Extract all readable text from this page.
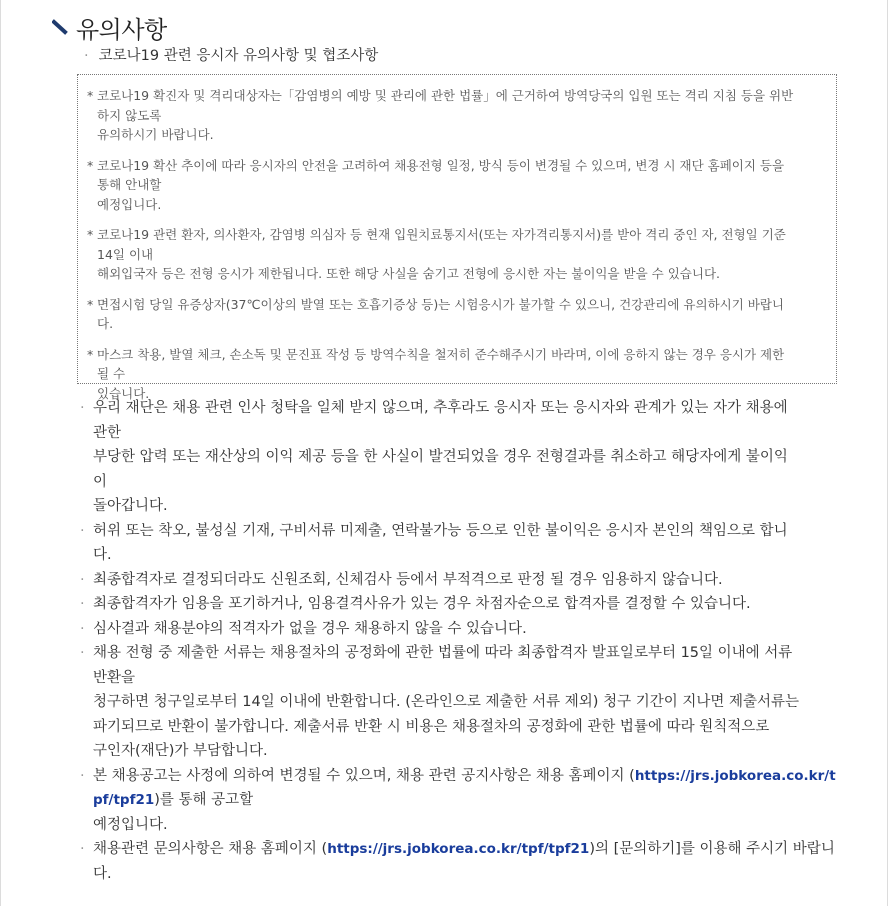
유의사항
· 코로나19 관련 응시자 유의사항 및 협조사항
* 코로나19 확진자 및 격리대상자는「감염병의 예방 및 관리에 관한 법률」에 근거하여 방역당국의 입원 또는 격리 지침 등을 위반
하지 않도록
유의하시기 바랍니다.
* 코로나19 확산 추이에 따라 응시자의 안전을 고려하여 채용전형 일정, 방식 등이 변경될 수 있으며, 변경 시 재단 홈페이지 등을
통해 안내할
예정입니다.
* 코로나19 관련 환자, 의사환자, 감염병 의심자 등 현재 입원치료통지서(또는 자가격리통지서)를 받아 격리 중인 자, 전형일 기준
14일 이내
해외입국자 등은 전형 응시가 제한됩니다. 또한 해당 사실을 숨기고 전형에 응시한 자는 불이익을 받을 수 있습니다.
* 면접시험 당일 유증상자(37℃이상의 발열 또는 호흡기증상 등)는 시험응시가 불가할 수 있으니, 건강관리에 유의하시기 바랍니
다.
* 마스크 착용, 발열 체크, 손소독 및 문진표 작성 등 방역수칙을 철저히 준수해주시기 바라며, 이에 응하지 않는 경우 응시가 제한
될 수
있습니다.
· 우리 재단은 채용 관련 인사 청탁을 일체 받지 않으며, 추후라도 응시자 또는 응시자와 관계가 있는 자가 채용에
관한
부당한 압력 또는 재산상의 이익 제공 등을 한 사실이 발견되었을 경우 전형결과를 취소하고 해당자에게 불이익
이
돌아갑니다.
· 허위 또는 착오, 불성실 기재, 구비서류 미제출, 연락불가능 등으로 인한 불이익은 응시자 본인의 책임으로 합니
다.
· 최종합격자로 결정되더라도 신원조회, 신체검사 등에서 부적격으로 판정 될 경우 임용하지 않습니다.
· 최종합격자가 임용을 포기하거나, 임용결격사유가 있는 경우 차점자순으로 합격자를 결정할 수 있습니다.
· 심사결과 채용분야의 적격자가 없을 경우 채용하지 않을 수 있습니다.
· 채용 전형 중 제출한 서류는 채용절차의 공정화에 관한 법률에 따라 최종합격자 발표일로부터 15일 이내에 서류
반환을
청구하면 청구일로부터 14일 이내에 반환합니다. (온라인으로 제출한 서류 제외) 청구 기간이 지나면 제출서류는
파기되므로 반환이 불가합니다. 제출서류 반환 시 비용은 채용절차의 공정화에 관한 법률에 따라 원칙적으로
구인자(재단)가 부담합니다.
· 본 채용공고는 사정에 의하여 변경될 수 있으며, 채용 관련 공지사항은 채용 홈페이지 (https://jrs.jobkorea.co.kr/t
pf/tpf21)를 통해 공고할
예정입니다.
· 채용관련 문의사항은 채용 홈페이지 (https://jrs.jobkorea.co.kr/tpf/tpf21)의 [문의하기]를 이용해 주시기 바랍니
다.
